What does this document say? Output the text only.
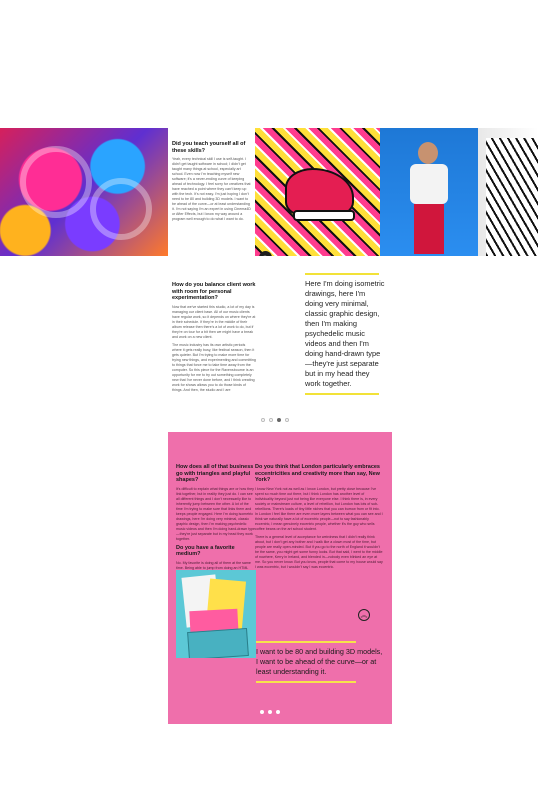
Did you teach yourself all of these skills?

Yeah, every technical skill I use is self-taught. I didn't get taught software in school; I didn't get taught many things at school, especially art school. Even now I'm teaching myself new software; it's a never-ending curve of keeping ahead of technology. I feel sorry for creatives that have reached a point where they can't keep up with the tech. It's not easy. I'm just hoping I don't need to be 80 and building 3D models. I want to be ahead of the curve—or at least understanding it. I'm not saying I'm an expert in using Cinema4D or After Effects, but I know my way around a program well enough to do what I want to do.

How do you balance client work with room for personal experimentation?

Now that we've started this studio, a lot of my day is managing our client base. All of our music clients have regular work, so it depends on where they're at in their schedule. If they're in the middle of their album release then there's a lot of work to do, but if they're on tour for a bit then we might have a break and work on a new client.

The music industry has its own artistic periods where it gets really busy, like festival season, then it gets quieter. But I'm trying to make more time for trying new things, and experimenting and committing to things that force me to take time away from the computer. So this piece for the Ravensbourne is an opportunity for me to try out something completely new that I've never done before, and I think creating work for shows allows you to do those kinds of things. And then, the studio and I are

Here I'm doing isometric drawings, here I'm doing very minimal, classic graphic design, then I'm making psychedelic music videos and then I'm doing hand-drawn type—they're just separate but in my head they work together.

How does all of that business go with triangles and playful shapes?

It's difficult to explain what things are or how they link together, but in reality they just do. I can see all different things and I don't necessarily like to inherently jump between the other. A lot of the time I'm trying to make sure that links them and keeps people engaged. Here I'm doing isometric drawings, here I'm doing very minimal, classic graphic design, then I'm making psychedelic music videos and then I'm doing hand-drawn type—they're just separate but in my head they work together.

Do you have a favorite medium?

No. My favorite is doing all of them at the same time. Being able to jump from doing an HTML

Do you think that London particularly embraces eccentricities and creativity more than say, New York?

I know New York not as well as I know London, but pretty close because I've spent so much time out there, but I think London has another level of individuality beyond just not being like everyone else. I think there is, in every society or mainstream culture, a level of rebellion, but London has lots of sub-rebellions. There's loads of tiny little niches that you can burrow from or fit into. In London I feel like there are even more layers between what you can see and I think we naturally have a lot of eccentric people—not to say fashionably eccentric, I mean genuinely eccentric people, whether it's the guy who sells coffee beans on the art school student.

There is a general level of acceptance for weirdness that I didn't really think about, but I don't get any bother and I walk like a clown most of the time, but people are really open-minded. But if you go to the north of England it wouldn't be the same, you might get some funny looks. But that said, I went to the middle of nowhere, Kerry in Ireland, and blended in—nobody even blinked an eye at me. So you never know. But you know, people that come to my house would say I was eccentric, but I wouldn't say I was eccentric.

︽

I want to be 80 and building 3D models, I want to be ahead of the curve—or at least understanding it.
